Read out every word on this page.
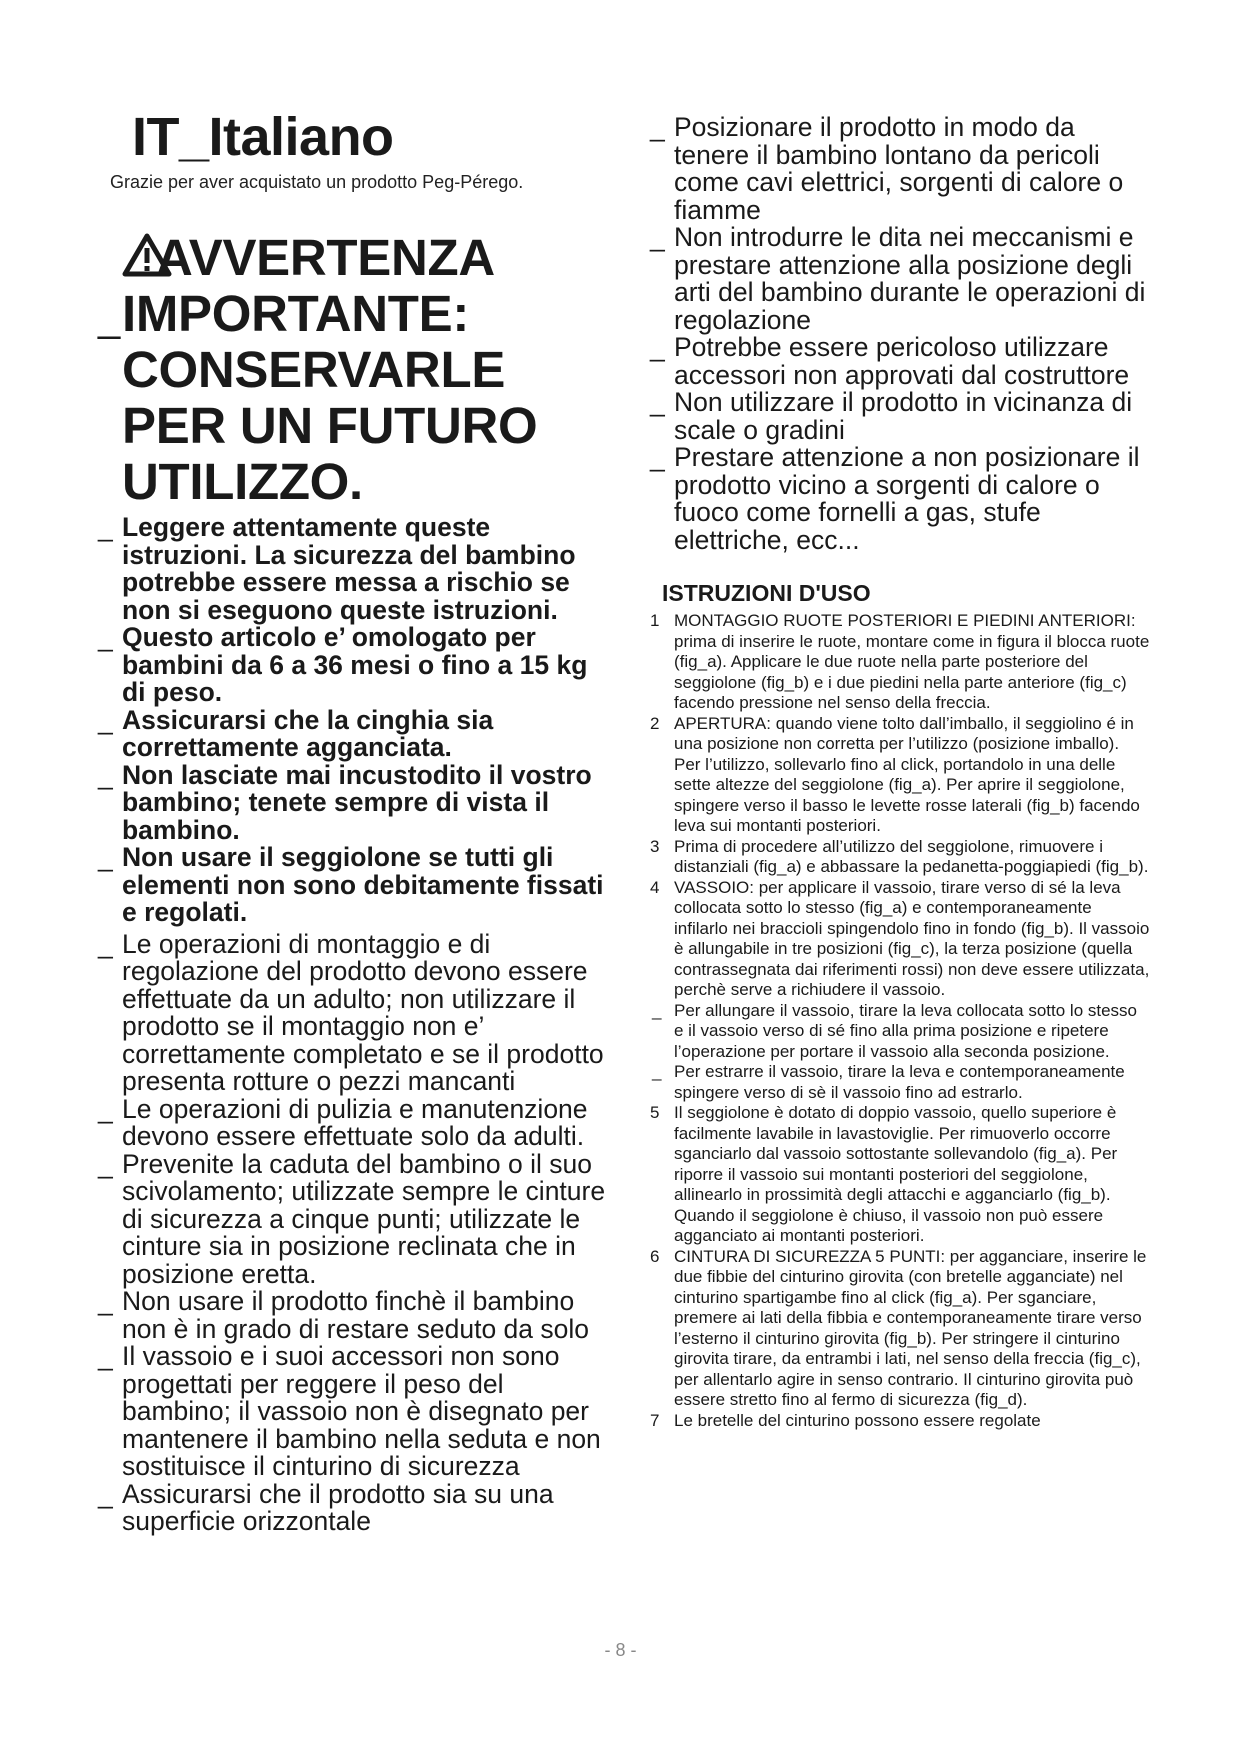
IT_Italiano
Grazie per aver acquistato un prodotto Peg-Pérego.
AVVERTENZA
_ IMPORTANTE:
CONSERVARLE
PER UN FUTURO
UTILIZZO.
_ Leggere attentamente queste istruzioni. La sicurezza del bambino potrebbe essere messa a rischio se non si eseguono queste istruzioni.
_ Questo articolo e’ omologato per bambini da 6 a 36 mesi o fino a 15 kg di peso.
_ Assicurarsi che la cinghia sia correttamente agganciata.
_ Non lasciate mai incustodito il vostro bambino; tenete sempre di vista il bambino.
_ Non usare il seggiolone se tutti gli elementi non sono debitamente fissati e regolati.
_ Le operazioni di montaggio e di regolazione del prodotto devono essere effettuate da un adulto; non utilizzare il prodotto se il montaggio non e’ correttamente completato e se il prodotto presenta rotture o pezzi mancanti
_ Le operazioni di pulizia e manutenzione devono essere effettuate solo da adulti.
_ Prevenite la caduta del bambino o il suo scivolamento; utilizzate sempre le cinture di sicurezza a cinque punti; utilizzate le cinture sia in posizione reclinata che in posizione eretta.
_ Non usare il prodotto finchè il bambino non è in grado di restare seduto da solo
_ Il vassoio e i suoi accessori non sono progettati per reggere il peso del bambino; il vassoio non è disegnato per mantenere il bambino nella seduta e non sostituisce il cinturino di sicurezza
_ Assicurarsi che il prodotto sia su una superficie orizzontale
_ Posizionare il prodotto in modo da tenere il bambino lontano da pericoli come cavi elettrici, sorgenti di calore o fiamme
_ Non introdurre le dita nei meccanismi e prestare attenzione alla posizione degli arti del bambino durante le operazioni di regolazione
_ Potrebbe essere pericoloso utilizzare accessori non approvati dal costruttore
_ Non utilizzare il prodotto in vicinanza di scale o gradini
_ Prestare attenzione a non posizionare il prodotto vicino a sorgenti di calore o fuoco come fornelli a gas, stufe elettriche, ecc...
ISTRUZIONI D'USO
1 MONTAGGIO RUOTE POSTERIORI E PIEDINI ANTERIORI: prima di inserire le ruote, montare come in figura il blocca ruote (fig_a). Applicare le due ruote nella parte posteriore del seggiolone (fig_b) e i due piedini nella parte anteriore (fig_c) facendo pressione nel senso della freccia.
2 APERTURA: quando viene tolto dall’imballo, il seggiolino é in una posizione non corretta per l’utilizzo (posizione imballo). Per l’utilizzo, sollevarlo fino al click, portandolo in una delle sette altezze del seggiolone (fig_a). Per aprire il seggiolone, spingere verso il basso le levette rosse laterali (fig_b) facendo leva sui montanti posteriori.
3 Prima di procedere all’utilizzo del seggiolone, rimuovere i distanziali (fig_a) e abbassare la pedanetta-poggiapiedi (fig_b).
4 VASSOIO: per applicare il vassoio, tirare verso di sé la leva collocata sotto lo stesso (fig_a) e contemporaneamente infilarlo nei braccioli spingendolo fino in fondo (fig_b). Il vassoio è allungabile in tre posizioni (fig_c), la terza posizione (quella contrassegnata dai riferimenti rossi) non deve essere utilizzata, perchè serve a richiudere il vassoio.
_ Per allungare il vassoio, tirare la leva collocata sotto lo stesso e il vassoio verso di sé fino alla prima posizione e ripetere l’operazione per portare il vassoio alla seconda posizione.
_ Per estrarre il vassoio, tirare la leva e contemporaneamente spingere verso di sè il vassoio fino ad estrarlo.
5 Il seggiolone è dotato di doppio vassoio, quello superiore è facilmente lavabile in lavastoviglie. Per rimuoverlo occorre sganciarlo dal vassoio sottostante sollevandolo (fig_a). Per riporre il vassoio sui montanti posteriori del seggiolone, allinearlo in prossimità degli attacchi e agganciarlo (fig_b). Quando il seggiolone è chiuso, il vassoio non può essere agganciato ai montanti posteriori.
6 CINTURA DI SICUREZZA 5 PUNTI: per agganciare, inserire le due fibbie del cinturino girovita (con bretelle agganciate) nel cinturino spartigambe fino al click (fig_a). Per sganciare, premere ai lati della fibbia e contemporaneamente tirare verso l’esterno il cinturino girovita (fig_b). Per stringere il cinturino girovita tirare, da entrambi i lati, nel senso della freccia (fig_c), per allentarlo agire in senso contrario. Il cinturino girovita può essere stretto fino al fermo di sicurezza (fig_d).
7 Le bretelle del cinturino possono essere regolate
- 8 -
